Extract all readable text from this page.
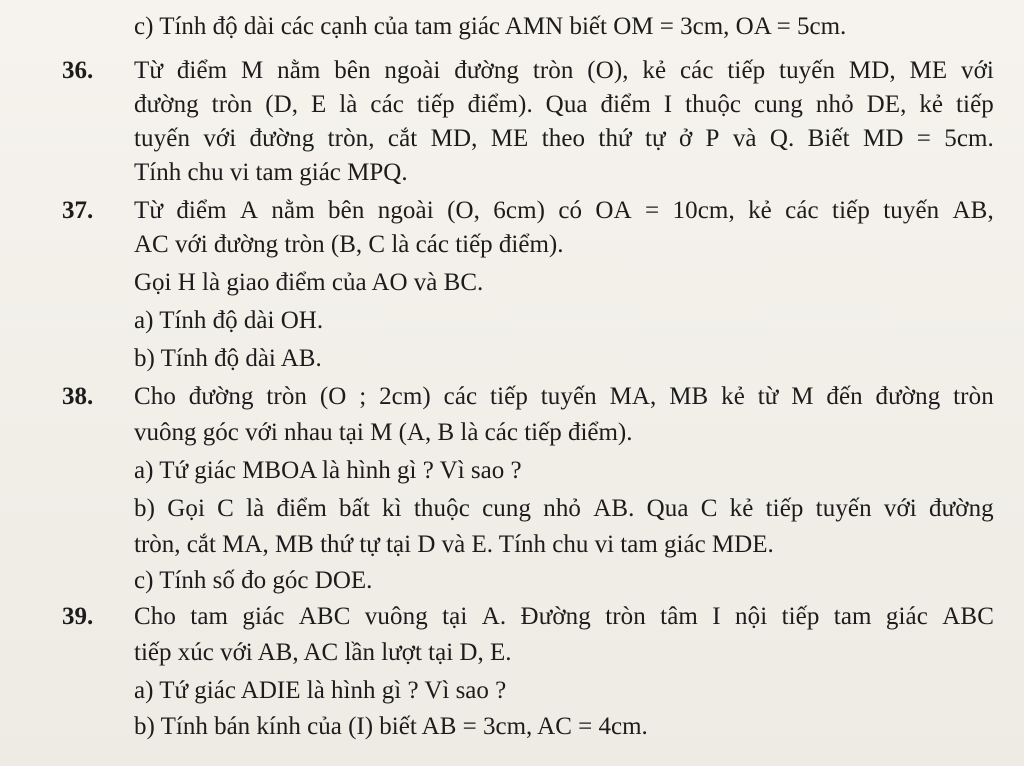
c) Tính độ dài các cạnh của tam giác AMN biết OM = 3cm, OA = 5cm.
36. Từ điểm M nằm bên ngoài đường tròn (O), kẻ các tiếp tuyến MD, ME với
đường tròn (D, E là các tiếp điểm). Qua điểm I thuộc cung nhỏ DE, kẻ tiếp
tuyến với đường tròn, cắt MD, ME theo thứ tự ở P và Q. Biết MD = 5cm.
Tính chu vi tam giác MPQ.
37. Từ điểm A nằm bên ngoài (O, 6cm) có OA = 10cm, kẻ các tiếp tuyến AB,
AC với đường tròn (B, C là các tiếp điểm).
Gọi H là giao điểm của AO và BC.
a) Tính độ dài OH.
b) Tính độ dài AB.
38. Cho đường tròn (O ; 2cm) các tiếp tuyến MA, MB kẻ từ M đến đường tròn
vuông góc với nhau tại M (A, B là các tiếp điểm).
a) Tứ giác MBOA là hình gì ? Vì sao ?
b) Gọi C là điểm bất kì thuộc cung nhỏ AB. Qua C kẻ tiếp tuyến với đường
tròn, cắt MA, MB thứ tự tại D và E. Tính chu vi tam giác MDE.
c) Tính số đo góc DOE.
39. Cho tam giác ABC vuông tại A. Đường tròn tâm I nội tiếp tam giác ABC
tiếp xúc với AB, AC lần lượt tại D, E.
a) Tứ giác ADIE là hình gì ? Vì sao ?
b) Tính bán kính của (I) biết AB = 3cm, AC = 4cm.
